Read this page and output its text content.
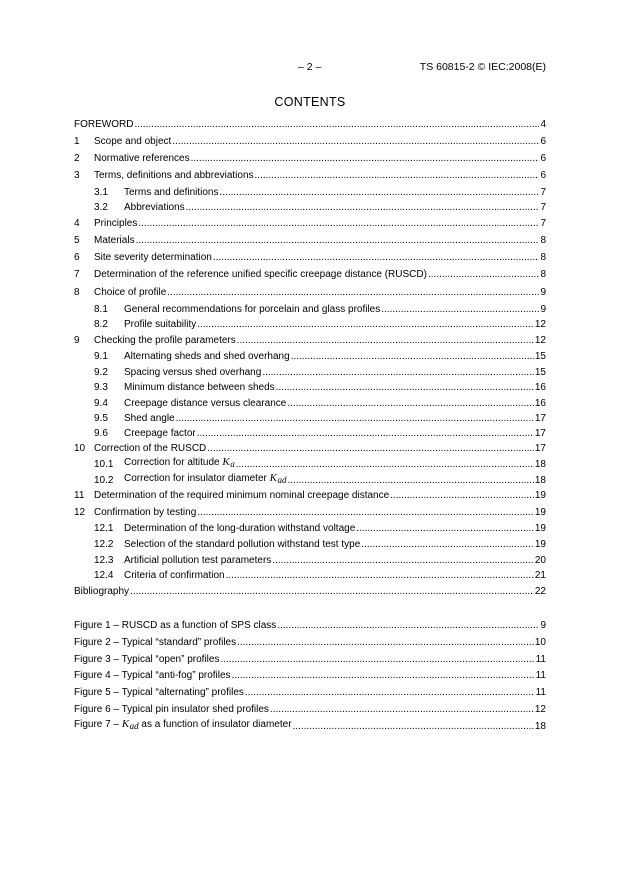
– 2 –	TS 60815-2 © IEC:2008(E)
CONTENTS
FOREWORD .....	4
1	Scope and object .....	6
2	Normative references .....	6
3	Terms, definitions and abbreviations .....	6
3.1	Terms and definitions .....	7
3.2	Abbreviations .....	7
4	Principles .....	7
5	Materials .....	8
6	Site severity determination .....	8
7	Determination of the reference unified specific creepage distance (RUSCD) .....	8
8	Choice of profile .....	9
8.1	General recommendations for porcelain and glass profiles .....	9
8.2	Profile suitability .....	12
9	Checking the profile parameters .....	12
9.1	Alternating sheds and shed overhang .....	15
9.2	Spacing versus shed overhang .....	15
9.3	Minimum distance between sheds .....	16
9.4	Creepage distance versus clearance .....	16
9.5	Shed angle .....	17
9.6	Creepage factor .....	17
10 Correction of the RUSCD .....	17
10.1	Correction for altitude Ka .....	18
10.2	Correction for insulator diameter Kad .....	18
11 Determination of the required minimum nominal creepage distance .....	19
12 Confirmation by testing .....	19
12.1	Determination of the long-duration withstand voltage .....	19
12.2	Selection of the standard pollution withstand test type .....	19
12.3	Artificial pollution test parameters .....	20
12.4	Criteria of confirmation .....	21
Bibliography .....	22
Figure 1 – RUSCD as a function of SPS class .....	9
Figure 2 – Typical “standard” profiles .....	10
Figure 3 – Typical “open” profiles .....	11
Figure 4 – Typical “anti-fog” profiles .....	11
Figure 5 – Typical “alternating” profiles .....	11
Figure 6 – Typical pin insulator shed profiles .....	12
Figure 7 – Kad as a function of insulator diameter .....	18
